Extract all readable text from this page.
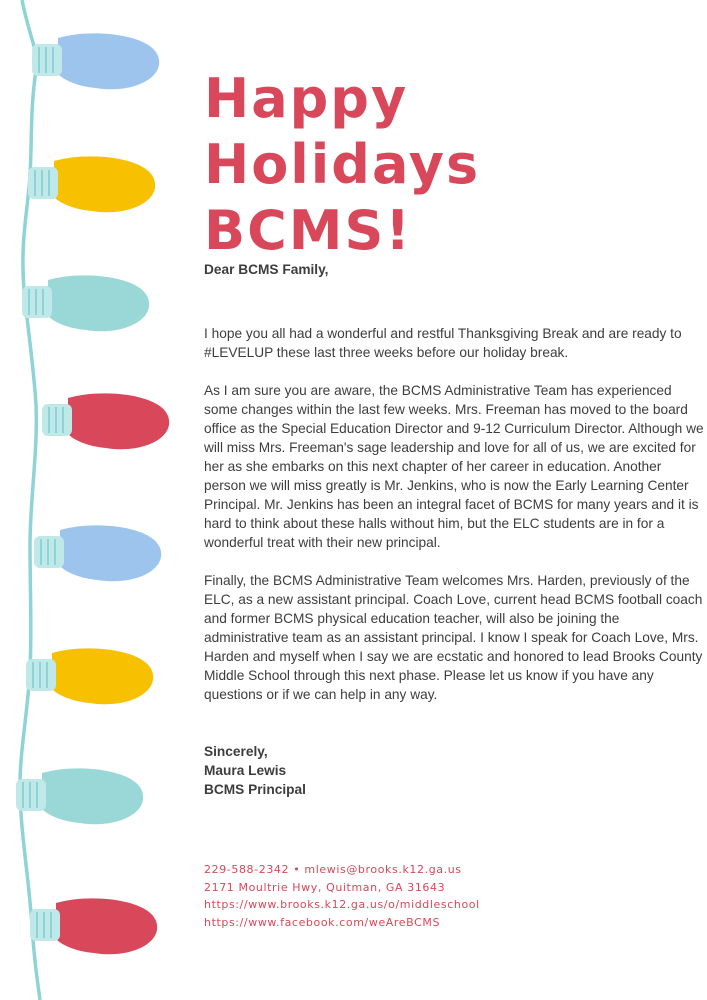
Happy Holidays
BCMS!

Dear BCMS Family,

I hope you all had a wonderful and restful Thanksgiving Break and are ready to #LEVELUP these last three weeks before our holiday break.

As I am sure you are aware, the BCMS Administrative Team has experienced some changes within the last few weeks. Mrs. Freeman has moved to the board office as the Special Education Director and 9-12 Curriculum Director. Although we will miss Mrs. Freeman's sage leadership and love for all of us, we are excited for her as she embarks on this next chapter of her career in education. Another person we will miss greatly is Mr. Jenkins, who is now the Early Learning Center Principal. Mr. Jenkins has been an integral facet of BCMS for many years and it is hard to think about these halls without him, but the ELC students are in for a wonderful treat with their new principal.

Finally, the BCMS Administrative Team welcomes Mrs. Harden, previously of the ELC, as a new assistant principal. Coach Love, current head BCMS football coach and former BCMS physical education teacher, will also be joining the administrative team as an assistant principal. I know I speak for Coach Love, Mrs. Harden and myself when I say we are ecstatic and honored to lead Brooks County Middle School through this next phase. Please let us know if you have any questions or if we can help in any way.

Sincerely,
Maura Lewis
BCMS Principal

229-588-2342 • mlewis@brooks.k12.ga.us
2171 Moultrie Hwy, Quitman, GA 31643
https://www.brooks.k12.ga.us/o/middleschool
https://www.facebook.com/weAreBCMS
